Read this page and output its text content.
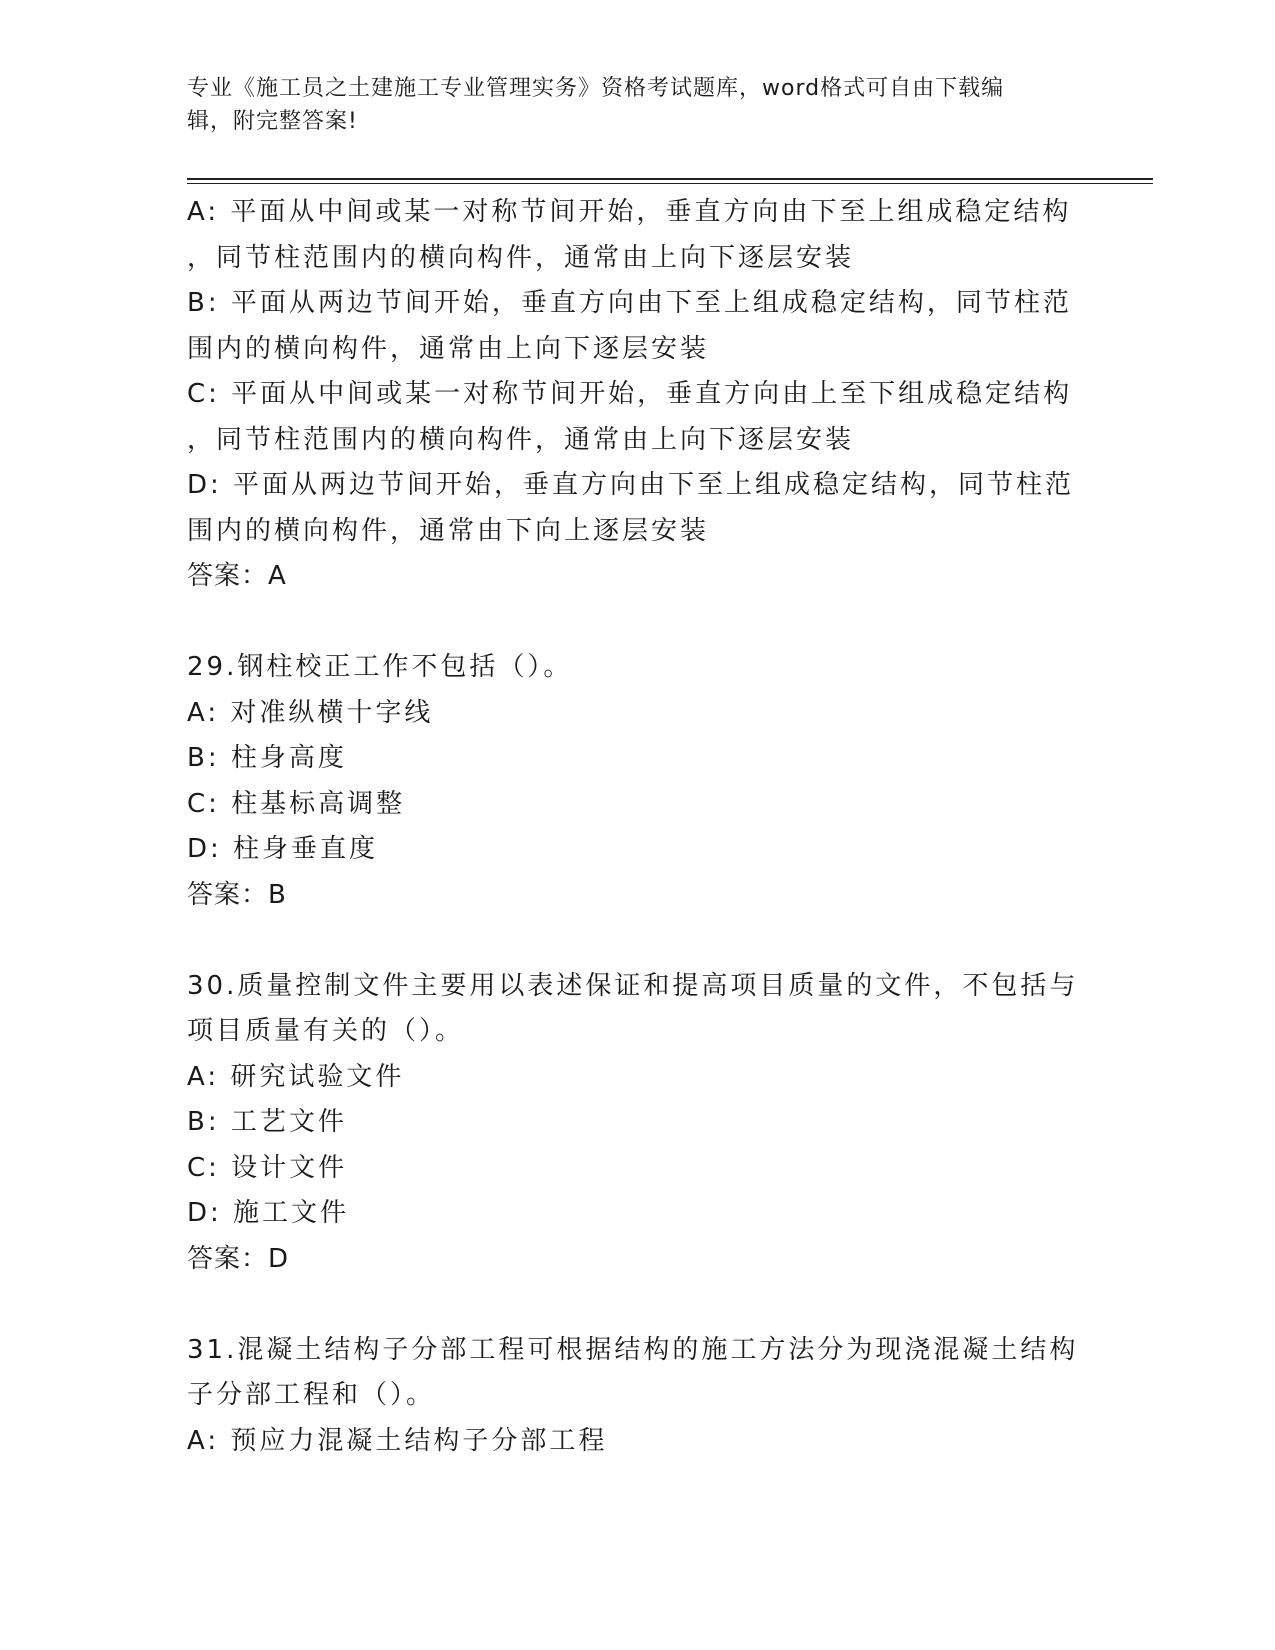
专业《施工员之土建施工专业管理实务》资格考试题库，word格式可自由下载编
辑，附完整答案!
A: 平面从中间或某一对称节间开始，垂直方向由下至上组成稳定结构
，同节柱范围内的横向构件，通常由上向下逐层安装
B: 平面从两边节间开始，垂直方向由下至上组成稳定结构，同节柱范
围内的横向构件，通常由上向下逐层安装
C: 平面从中间或某一对称节间开始，垂直方向由上至下组成稳定结构
，同节柱范围内的横向构件，通常由上向下逐层安装
D: 平面从两边节间开始，垂直方向由下至上组成稳定结构，同节柱范
围内的横向构件，通常由下向上逐层安装
答案：A
29.钢柱校正工作不包括（）。
A: 对准纵横十字线
B: 柱身高度
C: 柱基标高调整
D: 柱身垂直度
答案：B
30.质量控制文件主要用以表述保证和提高项目质量的文件，不包括与
项目质量有关的（）。
A: 研究试验文件
B: 工艺文件
C: 设计文件
D: 施工文件
答案：D
31.混凝土结构子分部工程可根据结构的施工方法分为现浇混凝土结构
子分部工程和（）。
A: 预应力混凝土结构子分部工程
